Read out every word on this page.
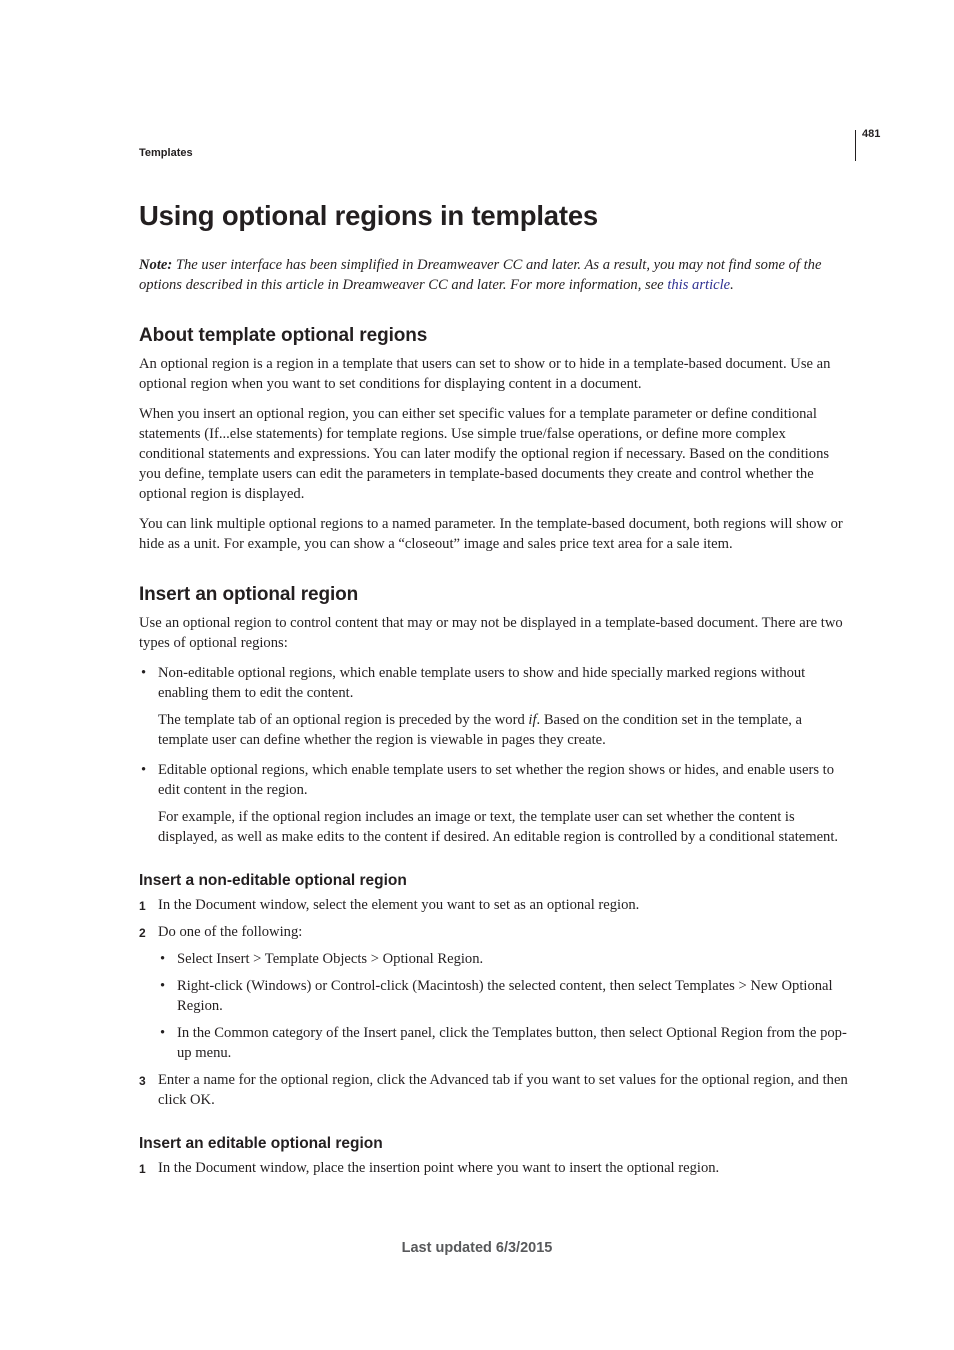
481
Templates
Using optional regions in templates

Note: The user interface has been simplified in Dreamweaver CC and later. As a result, you may not find some of the options described in this article in Dreamweaver CC and later. For more information, see this article.

About template optional regions

An optional region is a region in a template that users can set to show or to hide in a template-based document. Use an optional region when you want to set conditions for displaying content in a document.

When you insert an optional region, you can either set specific values for a template parameter or define conditional statements (If...else statements) for template regions. Use simple true/false operations, or define more complex conditional statements and expressions. You can later modify the optional region if necessary. Based on the conditions you define, template users can edit the parameters in template-based documents they create and control whether the optional region is displayed.

You can link multiple optional regions to a named parameter. In the template-based document, both regions will show or hide as a unit. For example, you can show a “closeout” image and sales price text area for a sale item.

Insert an optional region

Use an optional region to control content that may or may not be displayed in a template-based document. There are two types of optional regions:

• Non-editable optional regions, which enable template users to show and hide specially marked regions without enabling them to edit the content.

The template tab of an optional region is preceded by the word if. Based on the condition set in the template, a template user can define whether the region is viewable in pages they create.

• Editable optional regions, which enable template users to set whether the region shows or hides, and enable users to edit content in the region.

For example, if the optional region includes an image or text, the template user can set whether the content is displayed, as well as make edits to the content if desired. An editable region is controlled by a conditional statement.

Insert a non-editable optional region
1 In the Document window, select the element you want to set as an optional region.

2 Do one of the following:

• Select Insert > Template Objects > Optional Region.

• Right-click (Windows) or Control-click (Macintosh) the selected content, then select Templates > New Optional Region.

• In the Common category of the Insert panel, click the Templates button, then select Optional Region from the pop-up menu.

3 Enter a name for the optional region, click the Advanced tab if you want to set values for the optional region, and then click OK.

Insert an editable optional region
1 In the Document window, place the insertion point where you want to insert the optional region.

Last updated 6/3/2015
